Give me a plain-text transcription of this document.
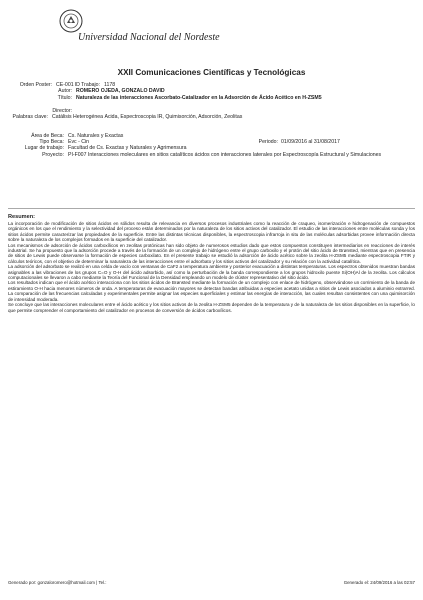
Universidad Nacional del Nordeste
XXII Comunicaciones Científicas y Tecnológicas
Orden Poster: CE-001 ID Trabajo: 1178
Autor: ROMERO OJEDA, GONZALO DAVID
Título: Naturaleza de las interacciones Ascorbato-Catalizador en la Adsorción de Ácido Acético en H-ZSM5
Director:
Palabras clave: Catálisis Heterogénea Ácida, Espectroscopia IR, Quimisorción, Adsorción, Zeolitas
Área de Beca: Cs. Naturales y Exactas
Tipo Beca: Evc - Cin	Periodo: 01/09/2016 al 31/08/2017
Lugar de trabajo: Facultad de Cs. Exactas y Naturales y Agrimensura
Proyecto: PI-F007 Interacciones moleculares en sitios catalíticos ácidos con interacciones laterales por Espectroscopía Estructural y Simulaciones
Resumen:

La incorporación de modificación de sitios ácidos en sólidos resulta de relevancia en diversos procesos industriales como la reacción de craqueo, isomerización e hidrogenación de compuestos orgánicos en los que el rendimiento y la selectividad del proceso están determinados por la naturaleza de los sitios activos del catalizador. El estudio de las interacciones entre moléculas sonda y los sitios ácidos permite caracterizar las propiedades de la superficie. Entre las distintas técnicas disponibles, la espectroscopia infrarroja in situ de las moléculas adsorbidas provee información directa sobre la naturaleza de los complejos formados en la superficie del catalizador.

Los mecanismos de adsorción de ácidos carboxílicos en zeolitas protónicas han sido objeto de numerosos estudios dado que estos compuestos constituyen intermediarios en reacciones de interés industrial. Se ha propuesto que la adsorción procede a través de la formación de un complejo de hidrógeno entre el grupo carboxilo y el protón del sitio ácido de Brønsted, mientras que en presencia de sitios de Lewis puede observarse la formación de especies carboxilato. En el presente trabajo se estudió la adsorción de ácido acético sobre la zeolita H-ZSM5 mediante espectroscopia FTIR y cálculos teóricos, con el objetivo de determinar la naturaleza de las interacciones entre el adsorbato y los sitios activos del catalizador y su relación con la actividad catalítica.

La adsorción del adsorbato se realizó en una celda de vacío con ventanas de CaF2 a temperatura ambiente y posterior evacuación a distintas temperaturas. Los espectros obtenidos muestran bandas asignables a las vibraciones de los grupos C=O y O-H del ácido adsorbido, así como la perturbación de la banda correspondiente a los grupos hidroxilo puente Si(OH)Al de la zeolita. Los cálculos computacionales se llevaron a cabo mediante la Teoría del Funcional de la Densidad empleando un modelo de clúster representativo del sitio ácido.

Los resultados indican que el ácido acético interacciona con los sitios ácidos de Brønsted mediante la formación de un complejo con enlace de hidrógeno, observándose un corrimiento de la banda de estiramiento O-H hacia menores números de onda. A temperaturas de evacuación mayores se detectan bandas atribuidas a especies acetato unidas a sitios de Lewis asociados a aluminio extrarred. La comparación de las frecuencias calculadas y experimentales permite asignar las especies superficiales y estimar las energías de interacción, las cuales resultan consistentes con una quimisorción de intensidad moderada.

Se concluye que las interacciones moleculares entre el ácido acético y los sitios activos de la zeolita H-ZSM5 dependen de la temperatura y de la naturaleza de los sitios disponibles en la superficie, lo que permite comprender el comportamiento del catalizador en procesos de conversión de ácidos carboxílicos.

Generado por: gonzaloromero@hotmail.com | Tel.:	Generado el: 24/09/2016 a las 02:57
